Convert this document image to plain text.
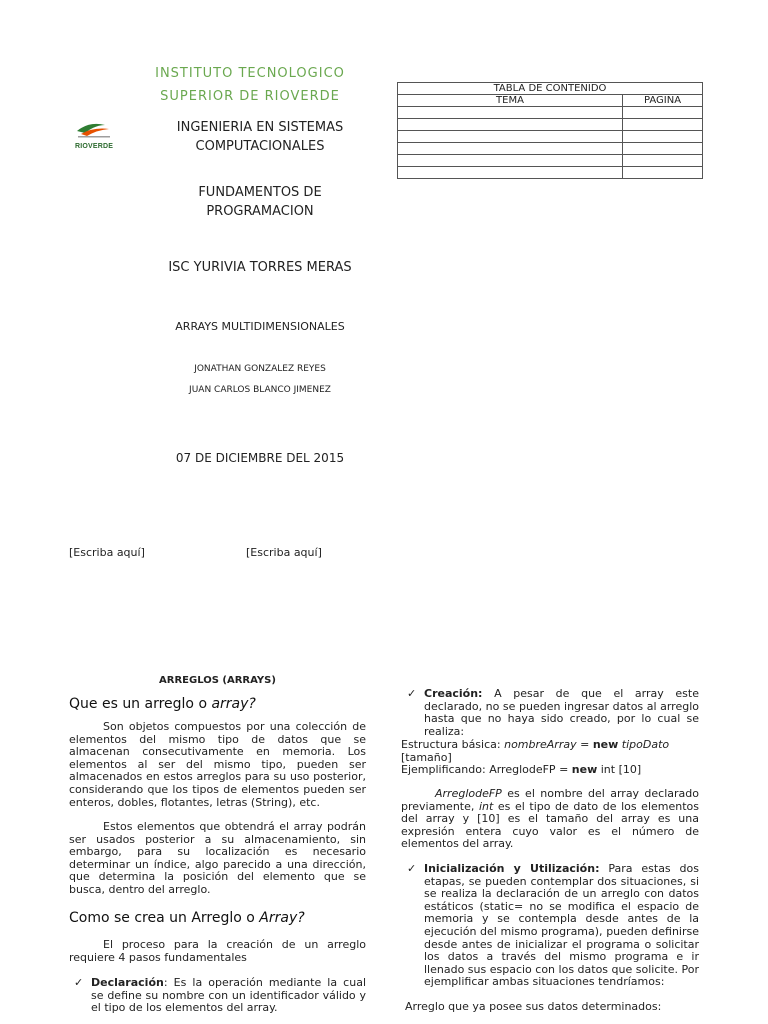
INSTITUTO TECNOLOGICO
SUPERIOR DE RIOVERDE
RIOVERDE
INGENIERIA EN SISTEMAS
COMPUTACIONALES
FUNDAMENTOS DE
PROGRAMACION
ISC YURIVIA TORRES MERAS
ARRAYS MULTIDIMENSIONALES
JONATHAN GONZALEZ REYES
JUAN CARLOS BLANCO JIMENEZ
07 DE DICIEMBRE DEL 2015
[Escriba aquí]	[Escriba aquí]
TABLA DE CONTENIDO	
TEMA	PAGINA

ARREGLOS (ARRAYS)
Que es un arreglo o array?
Son objetos compuestos por una colección de elementos del mismo tipo de datos que se almacenan consecutivamente en memoria. Los elementos al ser del mismo tipo, pueden ser almacenados en estos arreglos para su uso posterior, considerando que los tipos de elementos pueden ser enteros, dobles, flotantes, letras (String), etc.
Estos elementos que obtendrá el array podrán ser usados posterior a su almacenamiento, sin embargo, para su localización es necesario determinar un índice, algo parecido a una dirección, que determina la posición del elemento que se busca, dentro del arreglo.
Como se crea un Arreglo o Array?
El proceso para la creación de un arreglo requiere 4 pasos fundamentales
✓ Declaración: Es la operación mediante la cual se define su nombre con un identificador válido y el tipo de los elementos del array.
✓ Creación: A pesar de que el array este declarado, no se pueden ingresar datos al arreglo hasta que no haya sido creado, por lo cual se realiza:
Estructura básica: nombreArray = new tipoDato
[tamaño]
Ejemplificando: ArreglodeFP = new int [10]
ArreglodeFP es el nombre del array declarado previamente, int es el tipo de dato de los elementos del array y [10] es el tamaño del array es una expresión entera cuyo valor es el número de elementos del array.
✓ Inicialización y Utilización: Para estas dos etapas, se pueden contemplar dos situaciones, si se realiza la declaración de un arreglo con datos estáticos (static= no se modifica el espacio de memoria y se contempla desde antes de la ejecución del mismo programa), pueden definirse desde antes de inicializar el programa o solicitar los datos a través del mismo programa e ir llenado sus espacio con los datos que solicite. Por ejemplificar ambas situaciones tendríamos:
Arreglo que ya posee sus datos determinados:
